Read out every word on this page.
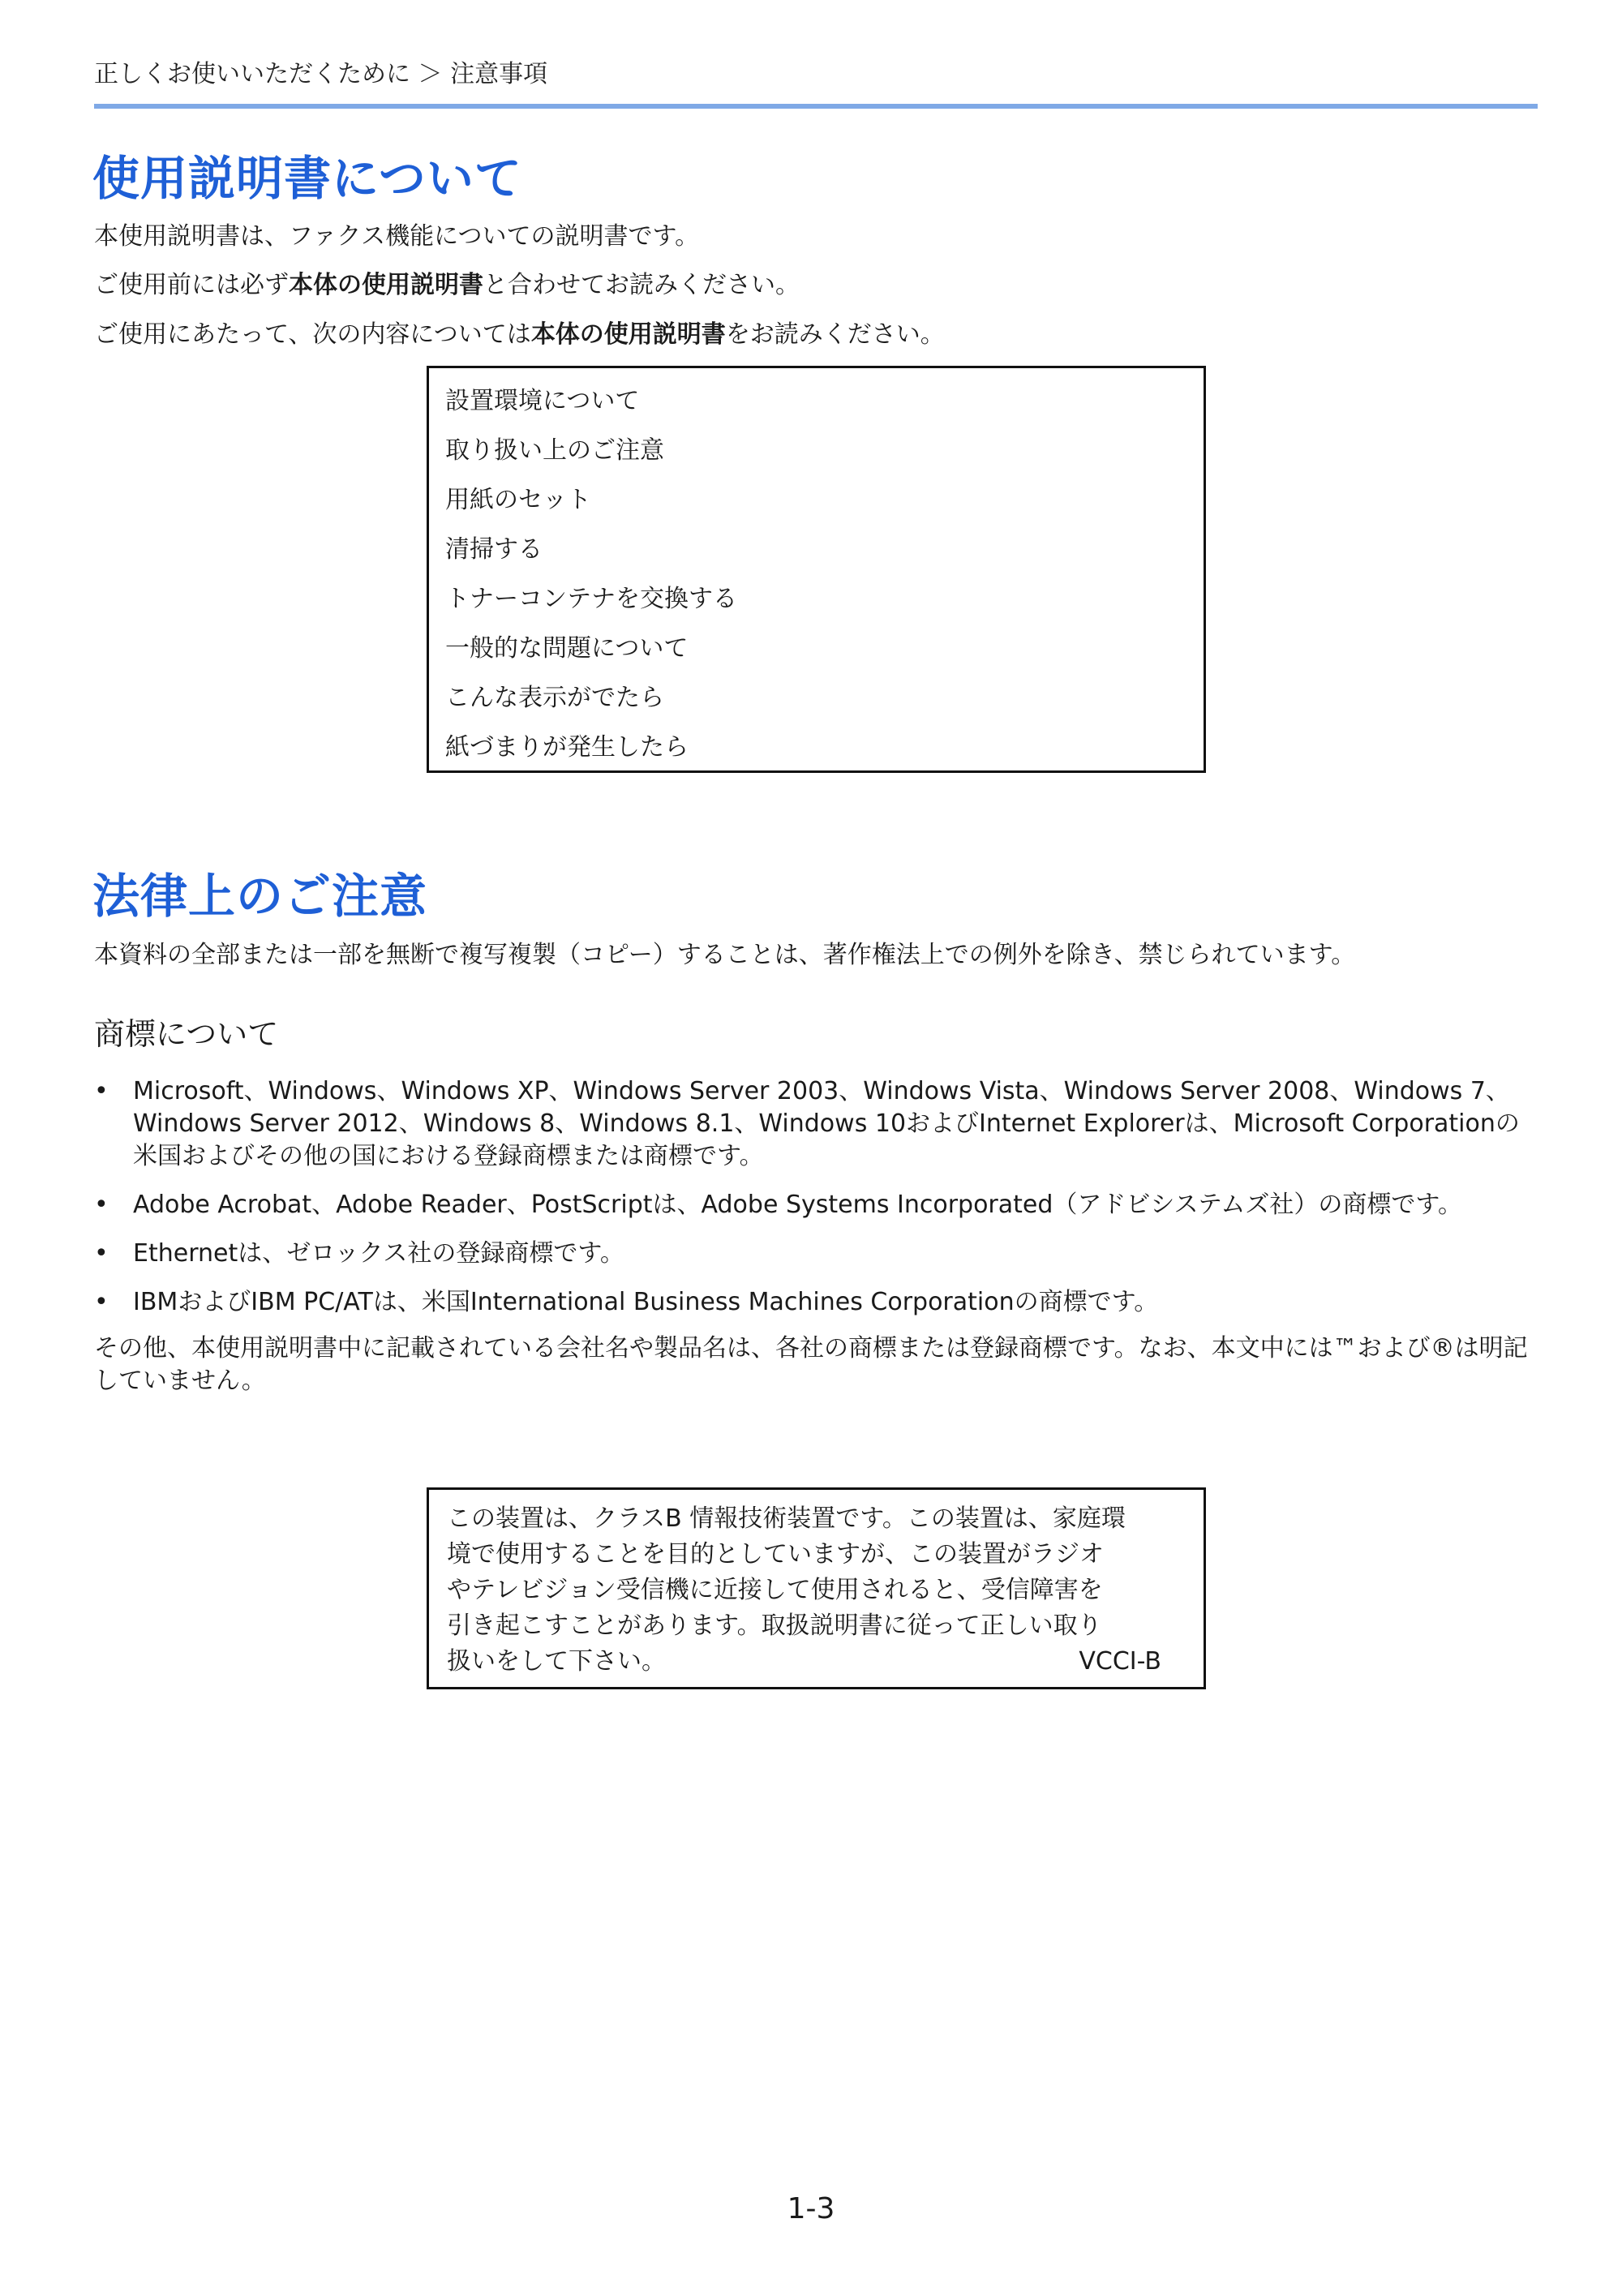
正しくお使いいただくために ＞ 注意事項
使用説明書について

本使用説明書は、ファクス機能についての説明書です。

ご使用前には必ず本体の使用説明書と合わせてお読みください。

ご使用にあたって、次の内容については本体の使用説明書をお読みください。

設置環境について
取り扱い上のご注意
用紙のセット
清掃する
トナーコンテナを交換する
一般的な問題について
こんな表示がでたら
紙づまりが発生したら
法律上のご注意

本資料の全部または一部を無断で複写複製（コピー）することは、著作権法上での例外を除き、禁じられています。

商標について
• Microsoft、Windows、Windows XP、Windows Server 2003、Windows Vista、Windows Server 2008、Windows 7、Windows Server 2012、Windows 8、Windows 8.1、Windows 10およびInternet Explorerは、Microsoft Corporationの米国およびその他の国における登録商標または商標です。
• Adobe Acrobat、Adobe Reader、PostScriptは、Adobe Systems Incorporated（アドビシステムズ社）の商標です。
• Ethernetは、ゼロックス社の登録商標です。
• IBMおよびIBM PC/ATは、米国International Business Machines Corporationの商標です。

その他、本使用説明書中に記載されている会社名や製品名は、各社の商標または登録商標です。なお、本文中には™および®は明記していません。

この装置は、クラスB 情報技術装置です。この装置は、家庭環
境で使用することを目的としていますが、この装置がラジオ
やテレビジョン受信機に近接して使用されると、受信障害を
引き起こすことがあります。取扱説明書に従って正しい取り
扱いをして下さい。	VCCI-B
1-3
